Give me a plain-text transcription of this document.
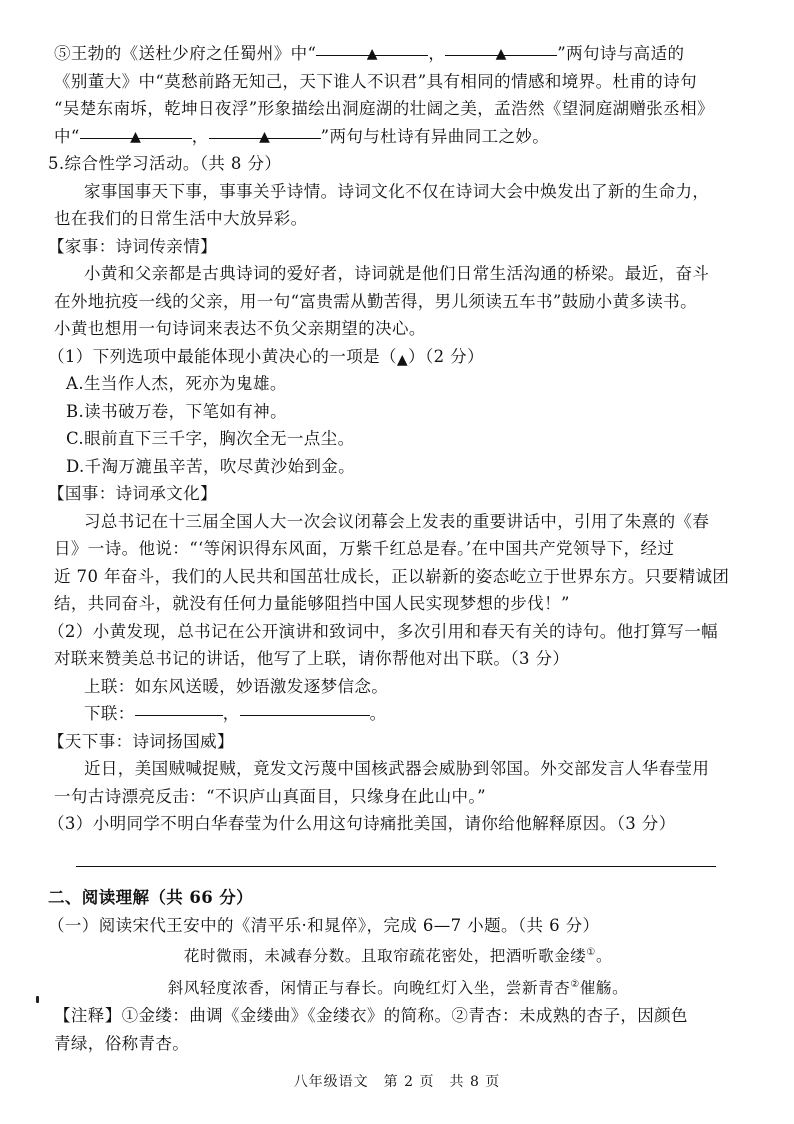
⑤王勃的《送杜少府之任蜀州》中“	▲	，	▲	”两句诗与高适的

《别董大》中“莫愁前路无知己，天下谁人不识君”具有相同的情感和境界。杜甫的诗句

“吴楚东南坼，乾坤日夜浮”形象描绘出洞庭湖的壮阔之美，孟浩然《望洞庭湖赠张丞相》

中“	▲	，	▲	”两句与杜诗有异曲同工之妙。

5.综合性学习活动。（共 8 分）

家事国事天下事，事事关乎诗情。诗词文化不仅在诗词大会中焕发出了新的生命力，

也在我们的日常生活中大放异彩。

【家事：诗词传亲情】

小黄和父亲都是古典诗词的爱好者，诗词就是他们日常生活沟通的桥梁。最近，奋斗

在外地抗疫一线的父亲，用一句“富贵需从勤苦得，男儿须读五车书”鼓励小黄多读书。

小黄也想用一句诗词来表达不负父亲期望的决心。

（1）下列选项中最能体现小黄决心的一项是（▲）（2 分）

A.生当作人杰，死亦为鬼雄。

B.读书破万卷，下笔如有神。

C.眼前直下三千字，胸次全无一点尘。

D.千淘万漉虽辛苦，吹尽黄沙始到金。

【国事：诗词承文化】

习总书记在十三届全国人大一次会议闭幕会上发表的重要讲话中，引用了朱熹的《春

日》一诗。他说：“‘等闲识得东风面，万紫千红总是春。’在中国共产党领导下，经过

近 70 年奋斗，我们的人民共和国茁壮成长，正以崭新的姿态屹立于世界东方。只要精诚团

结，共同奋斗，就没有任何力量能够阻挡中国人民实现梦想的步伐！”

（2）小黄发现，总书记在公开演讲和致词中，多次引用和春天有关的诗句。他打算写一幅

对联来赞美总书记的讲话，他写了上联，请你帮他对出下联。（3 分）

上联：如东风送暖，妙语激发逐梦信念。

下联：	，	。

【天下事：诗词扬国威】

近日，美国贼喊捉贼，竟发文污蔑中国核武器会威胁到邻国。外交部发言人华春莹用

一句古诗漂亮反击：“不识庐山真面目，只缘身在此山中。”

（3）小明同学不明白华春莹为什么用这句诗痛批美国，请你给他解释原因。（3 分）

二、阅读理解（共 66 分）

（一）阅读宋代王安中的《清平乐·和晁倅》，完成 6—7 小题。（共 6 分）

花时微雨，未减春分数。且取帘疏花密处，把酒听歌金缕①。

斜风轻度浓香，闲情正与春长。向晚红灯入坐，尝新青杏②催觞。

【注释】①金缕：曲调《金缕曲》《金缕衣》的简称。②青杏：未成熟的杏子，因颜色

青绿，俗称青杏。

八年级语文　第 2 页　共 8 页
